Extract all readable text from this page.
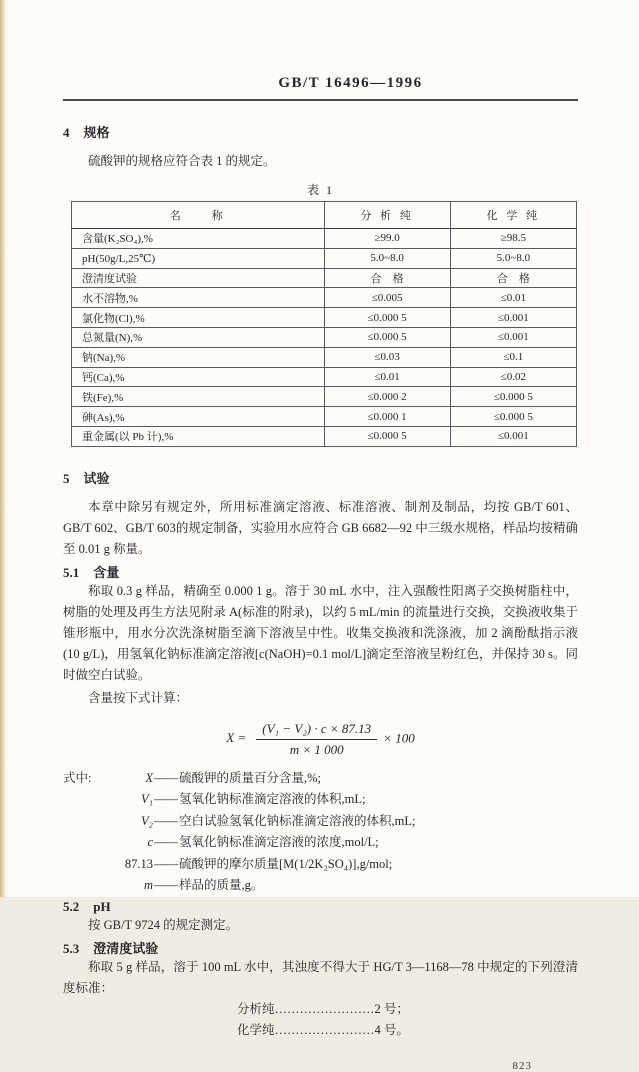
GB/T 16496—1996
4 规格

硫酸钾的规格应符合表 1 的规定。

表 1
名　　称	分 析 纯	化 学 纯
含量(K₂SO₄),%	≥99.0	≥98.5
pH(50g/L,25℃)	5.0~8.0	5.0~8.0
澄清度试验	合　格	合　格
水不溶物,%	≤0.005	≤0.01
氯化物(Cl),%	≤0.000 5	≤0.001
总氮量(N),%	≤0.000 5	≤0.001
钠(Na),%	≤0.03	≤0.1
钙(Ca),%	≤0.01	≤0.02
铁(Fe),%	≤0.000 2	≤0.000 5
砷(As),%	≤0.000 1	≤0.000 5
重金属(以 Pb 计),%	≤0.000 5	≤0.001
5 试验

本章中除另有规定外，所用标准滴定溶液、标准溶液、制剂及制品，均按 GB/T 601、GB/T 602、GB/T 603的规定制备，实验用水应符合 GB 6682—92 中三级水规格，样品均按精确至 0.01 g 称量。

5.1 含量

称取 0.3 g 样品，精确至 0.000 1 g。溶于 30 mL 水中，注入强酸性阳离子交换树脂柱中，树脂的处理及再生方法见附录 A(标准的附录)，以约 5 mL/min 的流量进行交换，交换液收集于锥形瓶中，用水分次洗涤树脂至滴下溶液呈中性。收集交换液和洗涤液，加 2 滴酚酞指示液(10 g/L)，用氢氧化钠标准滴定溶液[c(NaOH)=0.1 mol/L]滴定至溶液呈粉红色，并保持 30 s。同时做空白试验。

含量按下式计算：

$X = \frac{\text{(V₁ − V₂) · c × 87.13}}{m \times 1 000} \times 100$
式中:	X —— 硫酸钾的质量百分含量,%;
V₁ —— 氢氧化钠标准滴定溶液的体积,mL;
V₂ —— 空白试验氢氧化钠标准滴定溶液的体积,mL;
c —— 氢氧化钠标准滴定溶液的浓度,mol/L;
87.13 —— 硫酸钾的摩尔质量[M(1/2K₂SO₄)],g/mol;
m —— 样品的质量,g。
5.2 pH

按 GB/T 9724 的规定测定。

5.3 澄清度试验

称取 5 g 样品，溶于 100 mL 水中，其浊度不得大于 HG/T 3—1168—78 中规定的下列澄清度标准：

分析纯……………………2 号；
化学纯……………………4 号。
823
